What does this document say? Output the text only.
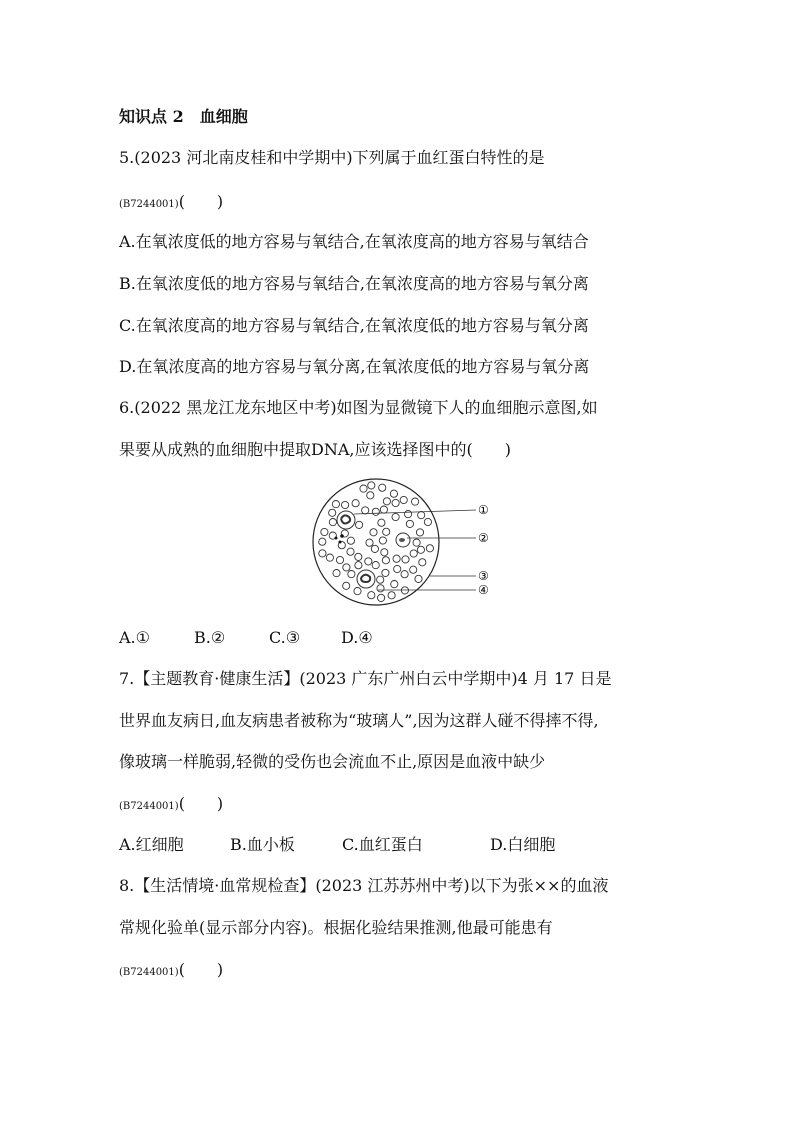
知识点 2　血细胞
5.(2023 河北南皮桂和中学期中)下列属于血红蛋白特性的是
(B7244001)(　　)
A.在氧浓度低的地方容易与氧结合,在氧浓度高的地方容易与氧结合
B.在氧浓度低的地方容易与氧结合,在氧浓度高的地方容易与氧分离
C.在氧浓度高的地方容易与氧结合,在氧浓度低的地方容易与氧分离
D.在氧浓度高的地方容易与氧分离,在氧浓度低的地方容易与氧分离
6.(2022 黑龙江龙东地区中考)如图为显微镜下人的血细胞示意图,如
果要从成熟的血细胞中提取DNA,应该选择图中的(　　)
①
②
③
④
A.①	B.②	C.③	D.④
7.【主题教育·健康生活】(2023 广东广州白云中学期中)4 月 17 日是
世界血友病日,血友病患者被称为“玻璃人”,因为这群人碰不得摔不得,
像玻璃一样脆弱,轻微的受伤也会流血不止,原因是血液中缺少
(B7244001)(　　)
A.红细胞	B.血小板	C.血红蛋白	D.白细胞
8.【生活情境·血常规检查】(2023 江苏苏州中考)以下为张××的血液
常规化验单(显示部分内容)。根据化验结果推测,他最可能患有
(B7244001)(　　)
